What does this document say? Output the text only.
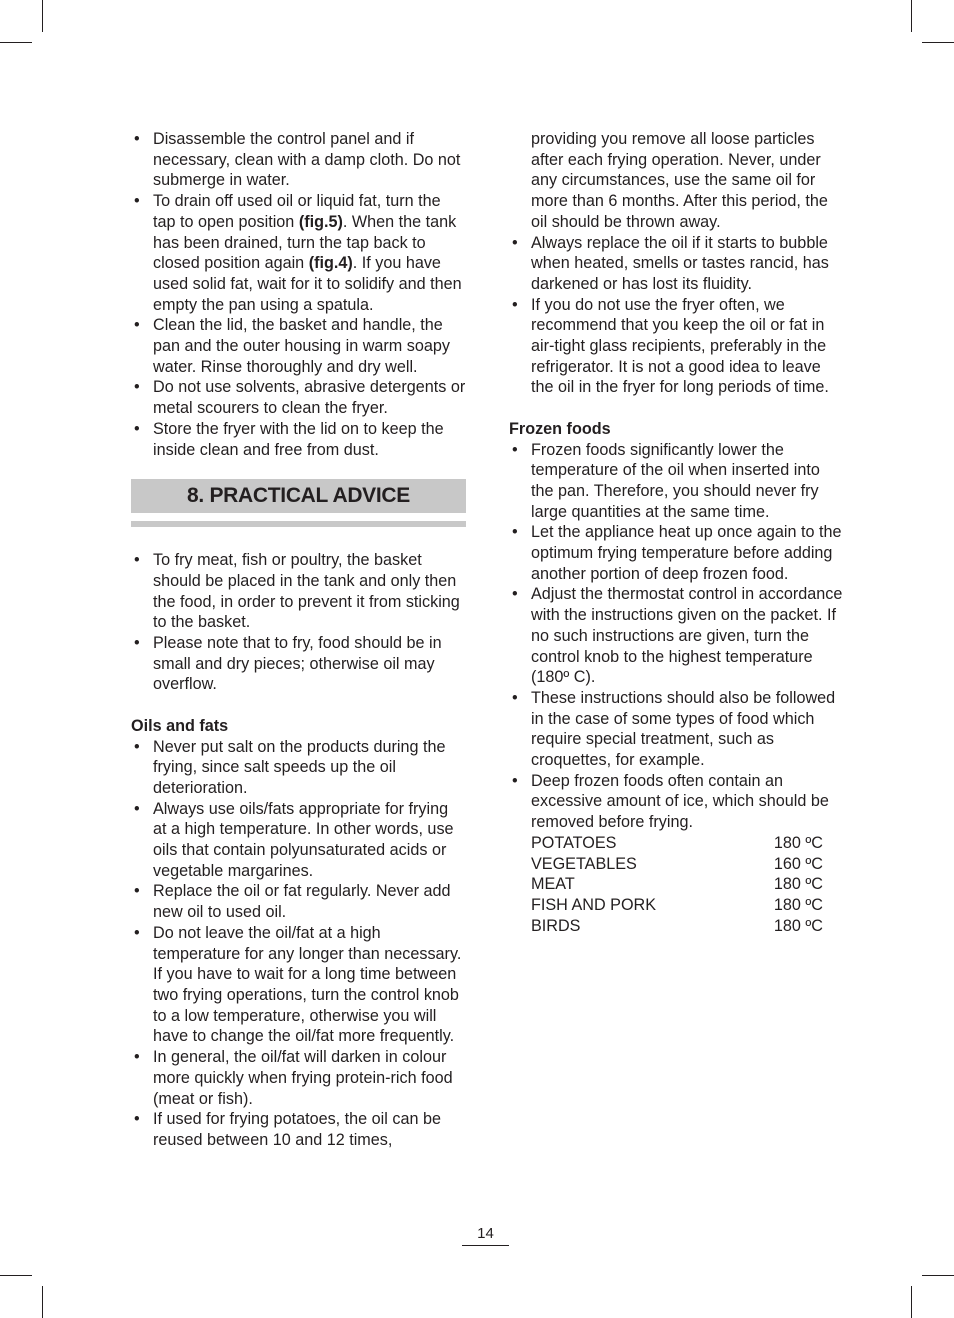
• Disassemble the control panel and if necessary, clean with a damp cloth. Do not submerge in water.
• To drain off used oil or liquid fat, turn the tap to open position (fig.5). When the tank has been drained, turn the tap back to closed position again (fig.4). If you have used solid fat, wait for it to solidify and then empty the pan using a spatula.
• Clean the lid, the basket and handle, the pan and the outer housing in warm soapy water. Rinse thoroughly and dry well.
• Do not use solvents, abrasive detergents or metal scourers to clean the fryer.
• Store the fryer with the lid on to keep the inside clean and free from dust.
8. PRACTICAL ADVICE
• To fry meat, fish or poultry, the basket should be placed in the tank and only then the food, in order to prevent it from sticking to the basket.
• Please note that to fry, food should be in small and dry pieces; otherwise oil may overflow.
Oils and fats
• Never put salt on the products during the frying, since salt speeds up the oil deterioration.
• Always use oils/fats appropriate for frying at a high temperature. In other words, use oils that contain polyunsaturated acids or vegetable margarines.
• Replace the oil or fat regularly. Never add new oil to used oil.
• Do not leave the oil/fat at a high temperature for any longer than necessary. If you have to wait for a long time between two frying operations, turn the control knob to a low temperature, otherwise you will have to change the oil/fat more frequently.
• In general, the oil/fat will darken in colour more quickly when frying protein-rich food (meat or fish).
• If used for frying potatoes, the oil can be reused between 10 and 12 times,
providing you remove all loose particles after each frying operation. Never, under any circumstances, use the same oil for more than 6 months. After this period, the oil should be thrown away.
• Always replace the oil if it starts to bubble when heated, smells or tastes rancid, has darkened or has lost its fluidity.
• If you do not use the fryer often, we recommend that you keep the oil or fat in air-tight glass recipients, preferably in the refrigerator. It is not a good idea to leave the oil in the fryer for long periods of time.
Frozen foods
• Frozen foods significantly lower the temperature of the oil when inserted into the pan. Therefore, you should never fry large quantities at the same time.
• Let the appliance heat up once again to the optimum frying temperature before adding another portion of deep frozen food.
• Adjust the thermostat control in accordance with the instructions given on the packet. If no such instructions are given, turn the control knob to the highest temperature (180º C).
• These instructions should also be followed in the case of some types of food which require special treatment, such as croquettes, for example.
• Deep frozen foods often contain an excessive amount of ice, which should be removed before frying.
POTATOES	180 ºC
VEGETABLES	160 ºC
MEAT	180 ºC
FISH AND PORK	180 ºC
BIRDS	180 ºC
14
